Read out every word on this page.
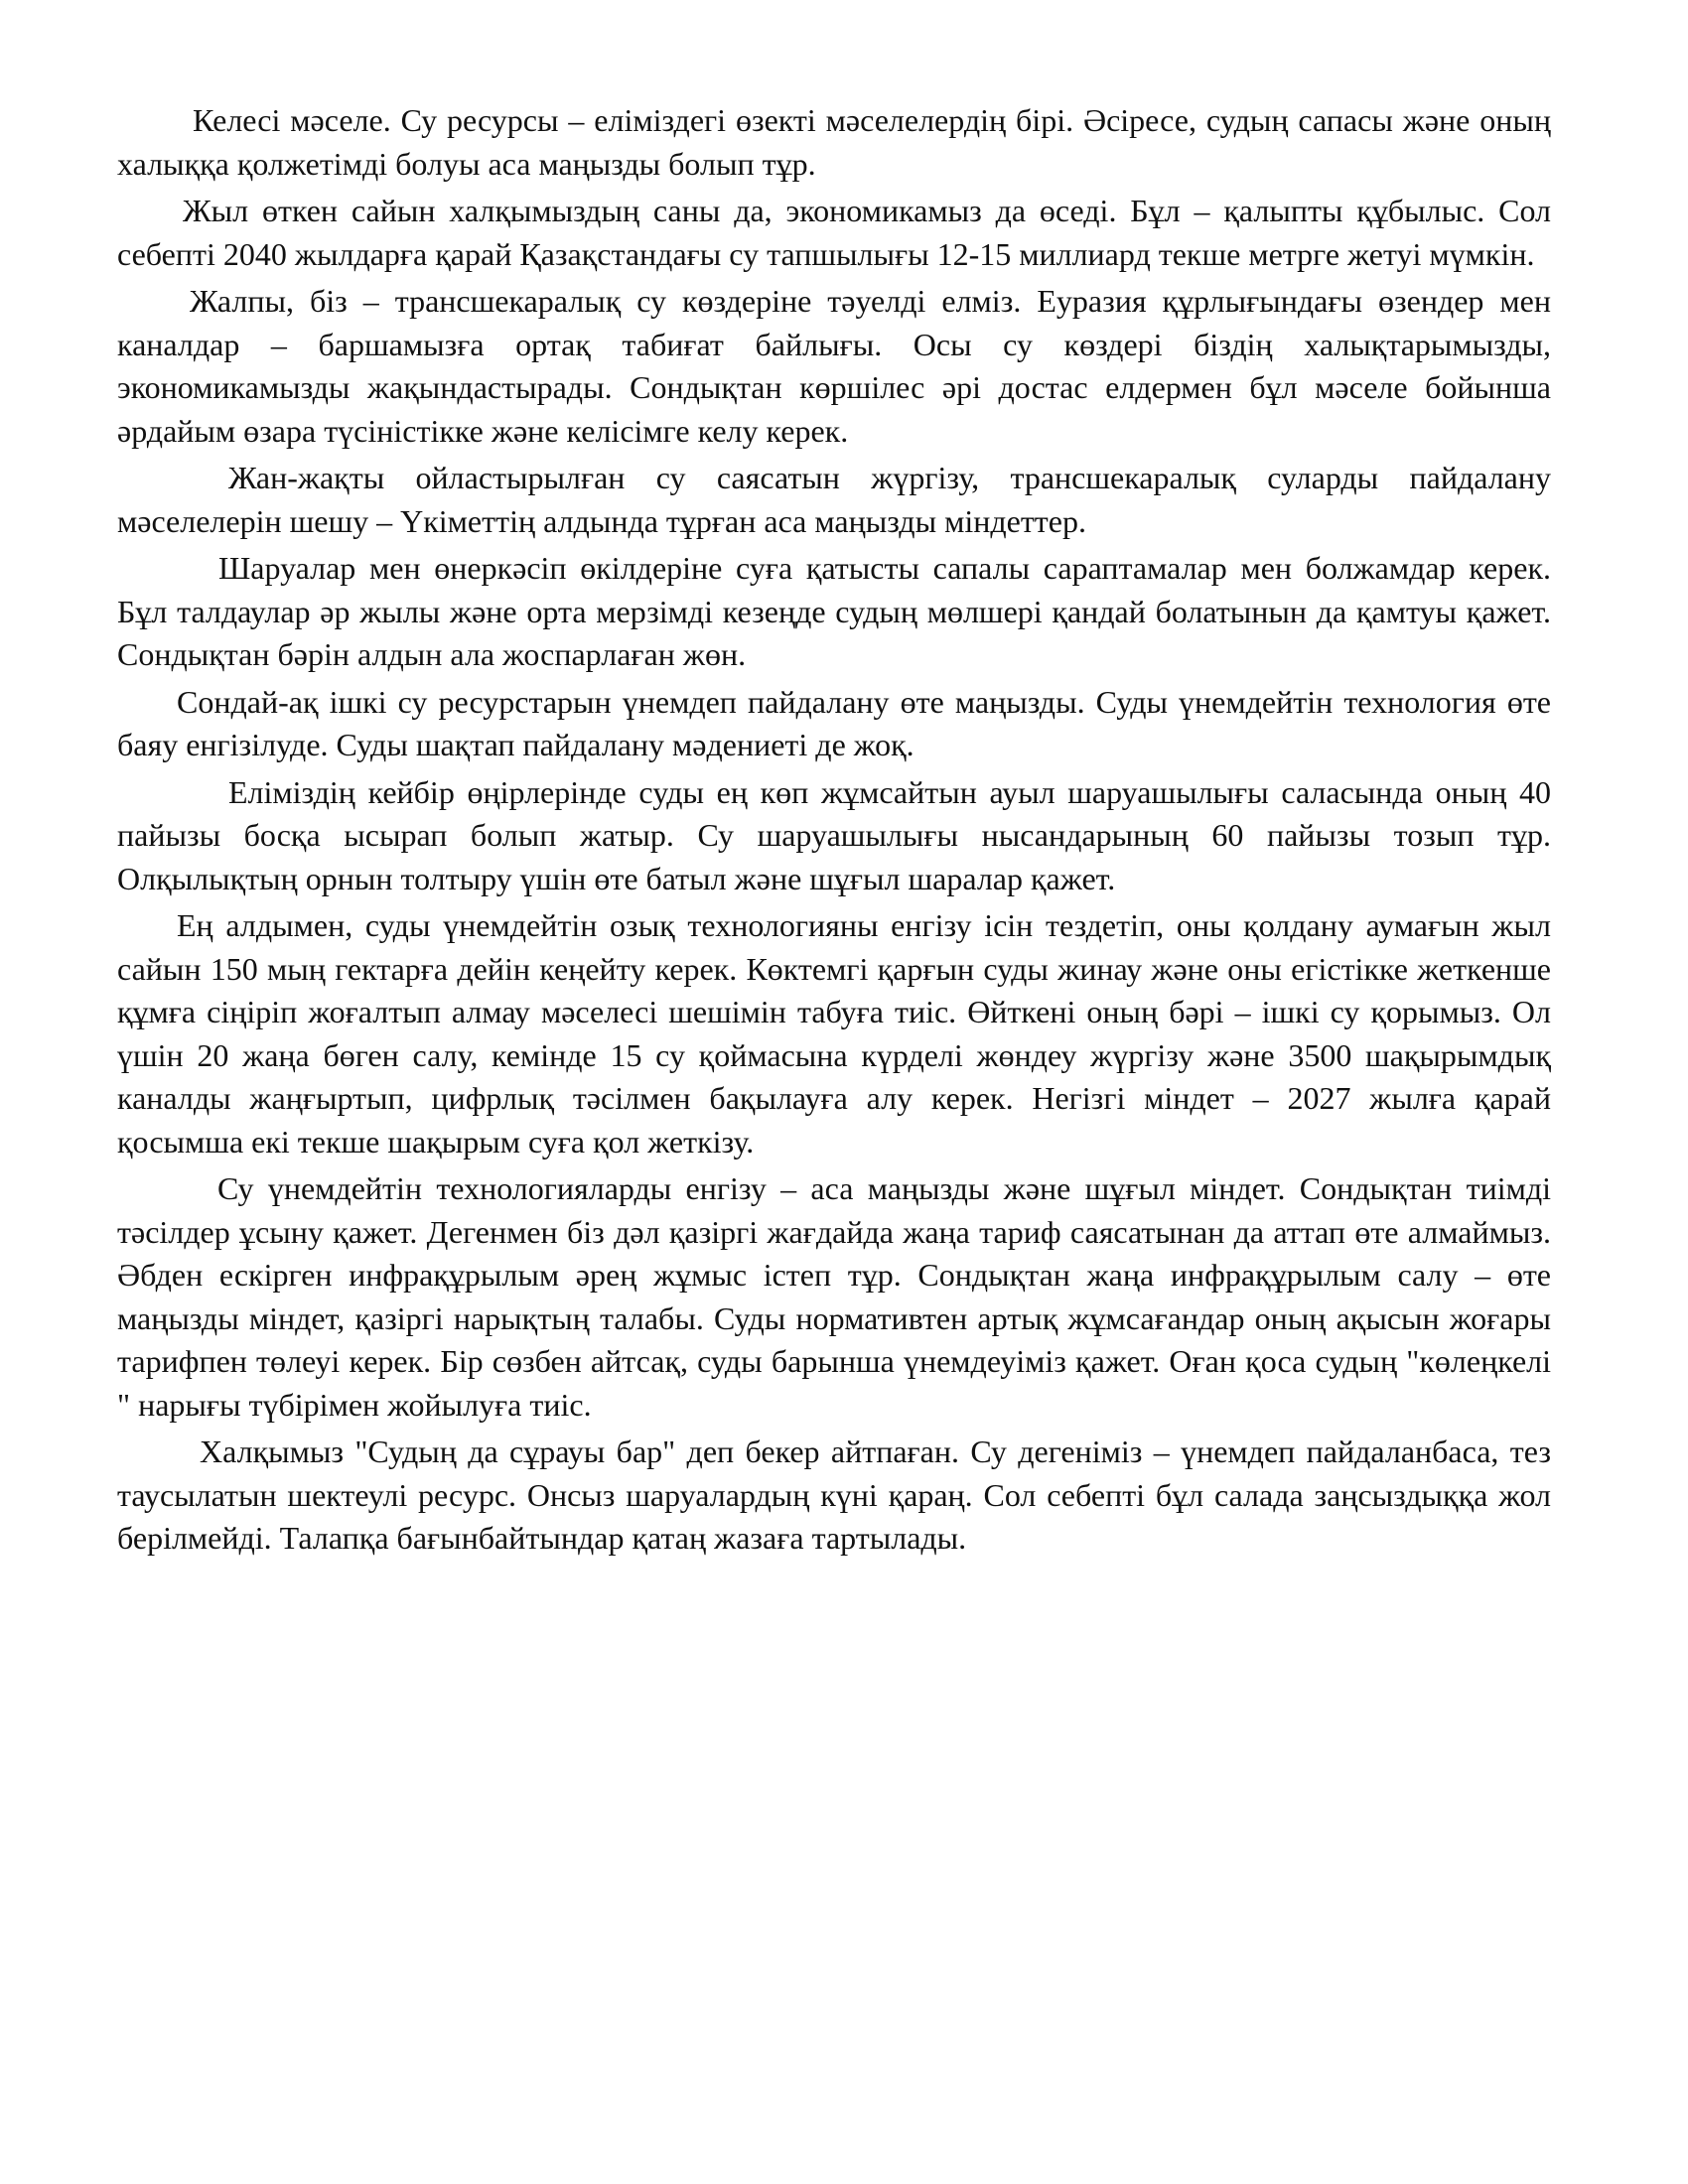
Келесі мәселе. Су ресурсы – еліміздегі өзекті мәселелердің бірі. Әсіресе, судың сапасы және оның халыққа қолжетімді болуы аса маңызды болып тұр.

Жыл өткен сайын халқымыздың саны да, экономикамыз да өседі. Бұл – қалыпты құбылыс. Сол себепті 2040 жылдарға қарай Қазақстандағы су тапшылығы 12-15 миллиард текше метрге жетуі мүмкін.

Жалпы, біз – трансшекаралық су көздеріне тәуелді елміз. Еуразия құрлығындағы өзендер мен каналдар – баршамызға ортақ табиғат байлығы. Осы су көздері біздің халықтарымызды, экономикамызды жақындастырады. Сондықтан көршілес әрі достас елдермен бұл мәселе бойынша әрдайым өзара түсіністікке және келісімге келу керек.

Жан-жақты ойластырылған су саясатын жүргізу, трансшекаралық суларды пайдалану мәселелерін шешу – Үкіметтің алдында тұрған аса маңызды міндеттер.

Шаруалар мен өнеркәсіп өкілдеріне суға қатысты сапалы сараптамалар мен болжамдар керек. Бұл талдаулар әр жылы және орта мерзімді кезеңде судың мөлшері қандай болатынын да қамтуы қажет. Сондықтан бәрін алдын ала жоспарлаған жөн.

Сондай-ақ ішкі су ресурстарын үнемдеп пайдалану өте маңызды. Суды үнемдейтін технология өте баяу енгізілуде. Суды шақтап пайдалану мәдениеті де жоқ.

Еліміздің кейбір өңірлерінде суды ең көп жұмсайтын ауыл шаруашылығы саласында оның 40 пайызы босқа ысырап болып жатыр. Су шаруашылығы нысандарының 60 пайызы тозып тұр. Олқылықтың орнын толтыру үшін өте батыл және шұғыл шаралар қажет.

Ең алдымен, суды үнемдейтін озық технологияны енгізу ісін тездетіп, оны қолдану аумағын жыл сайын 150 мың гектарға дейін кеңейту керек. Көктемгі қарғын суды жинау және оны егістікке жеткенше құмға сіңіріп жоғалтып алмау мәселесі шешімін табуға тиіс. Өйткені оның бәрі – ішкі су қорымыз. Ол үшін 20 жаңа бөген салу, кемінде 15 су қоймасына күрделі жөндеу жүргізу және 3500 шақырымдық каналды жаңғыртып, цифрлық тәсілмен бақылауға алу керек. Негізгі міндет – 2027 жылға қарай қосымша екі текше шақырым суға қол жеткізу.

Су үнемдейтін технологияларды енгізу – аса маңызды және шұғыл міндет. Сондықтан тиімді тәсілдер ұсыну қажет. Дегенмен біз дәл қазіргі жағдайда жаңа тариф саясатынан да аттап өте алмаймыз. Әбден ескірген инфрақұрылым әрең жұмыс істеп тұр. Сондықтан жаңа инфрақұрылым салу – өте маңызды міндет, қазіргі нарықтың талабы. Суды нормативтен артық жұмсағандар оның ақысын жоғары тарифпен төлеуі керек. Бір сөзбен айтсақ, суды барынша үнемдеуіміз қажет. Оған қоса судың "көлеңкелі " нарығы түбірімен жойылуға тиіс.

Халқымыз "Судың да сұрауы бар" деп бекер айтпаған. Су дегеніміз – үнемдеп пайдаланбаса, тез таусылатын шектеулі ресурс. Онсыз шаруалардың күні қараң. Сол себепті бұл салада заңсыздыққа жол берілмейді. Талапқа бағынбайтындар қатаң жазаға тартылады.
